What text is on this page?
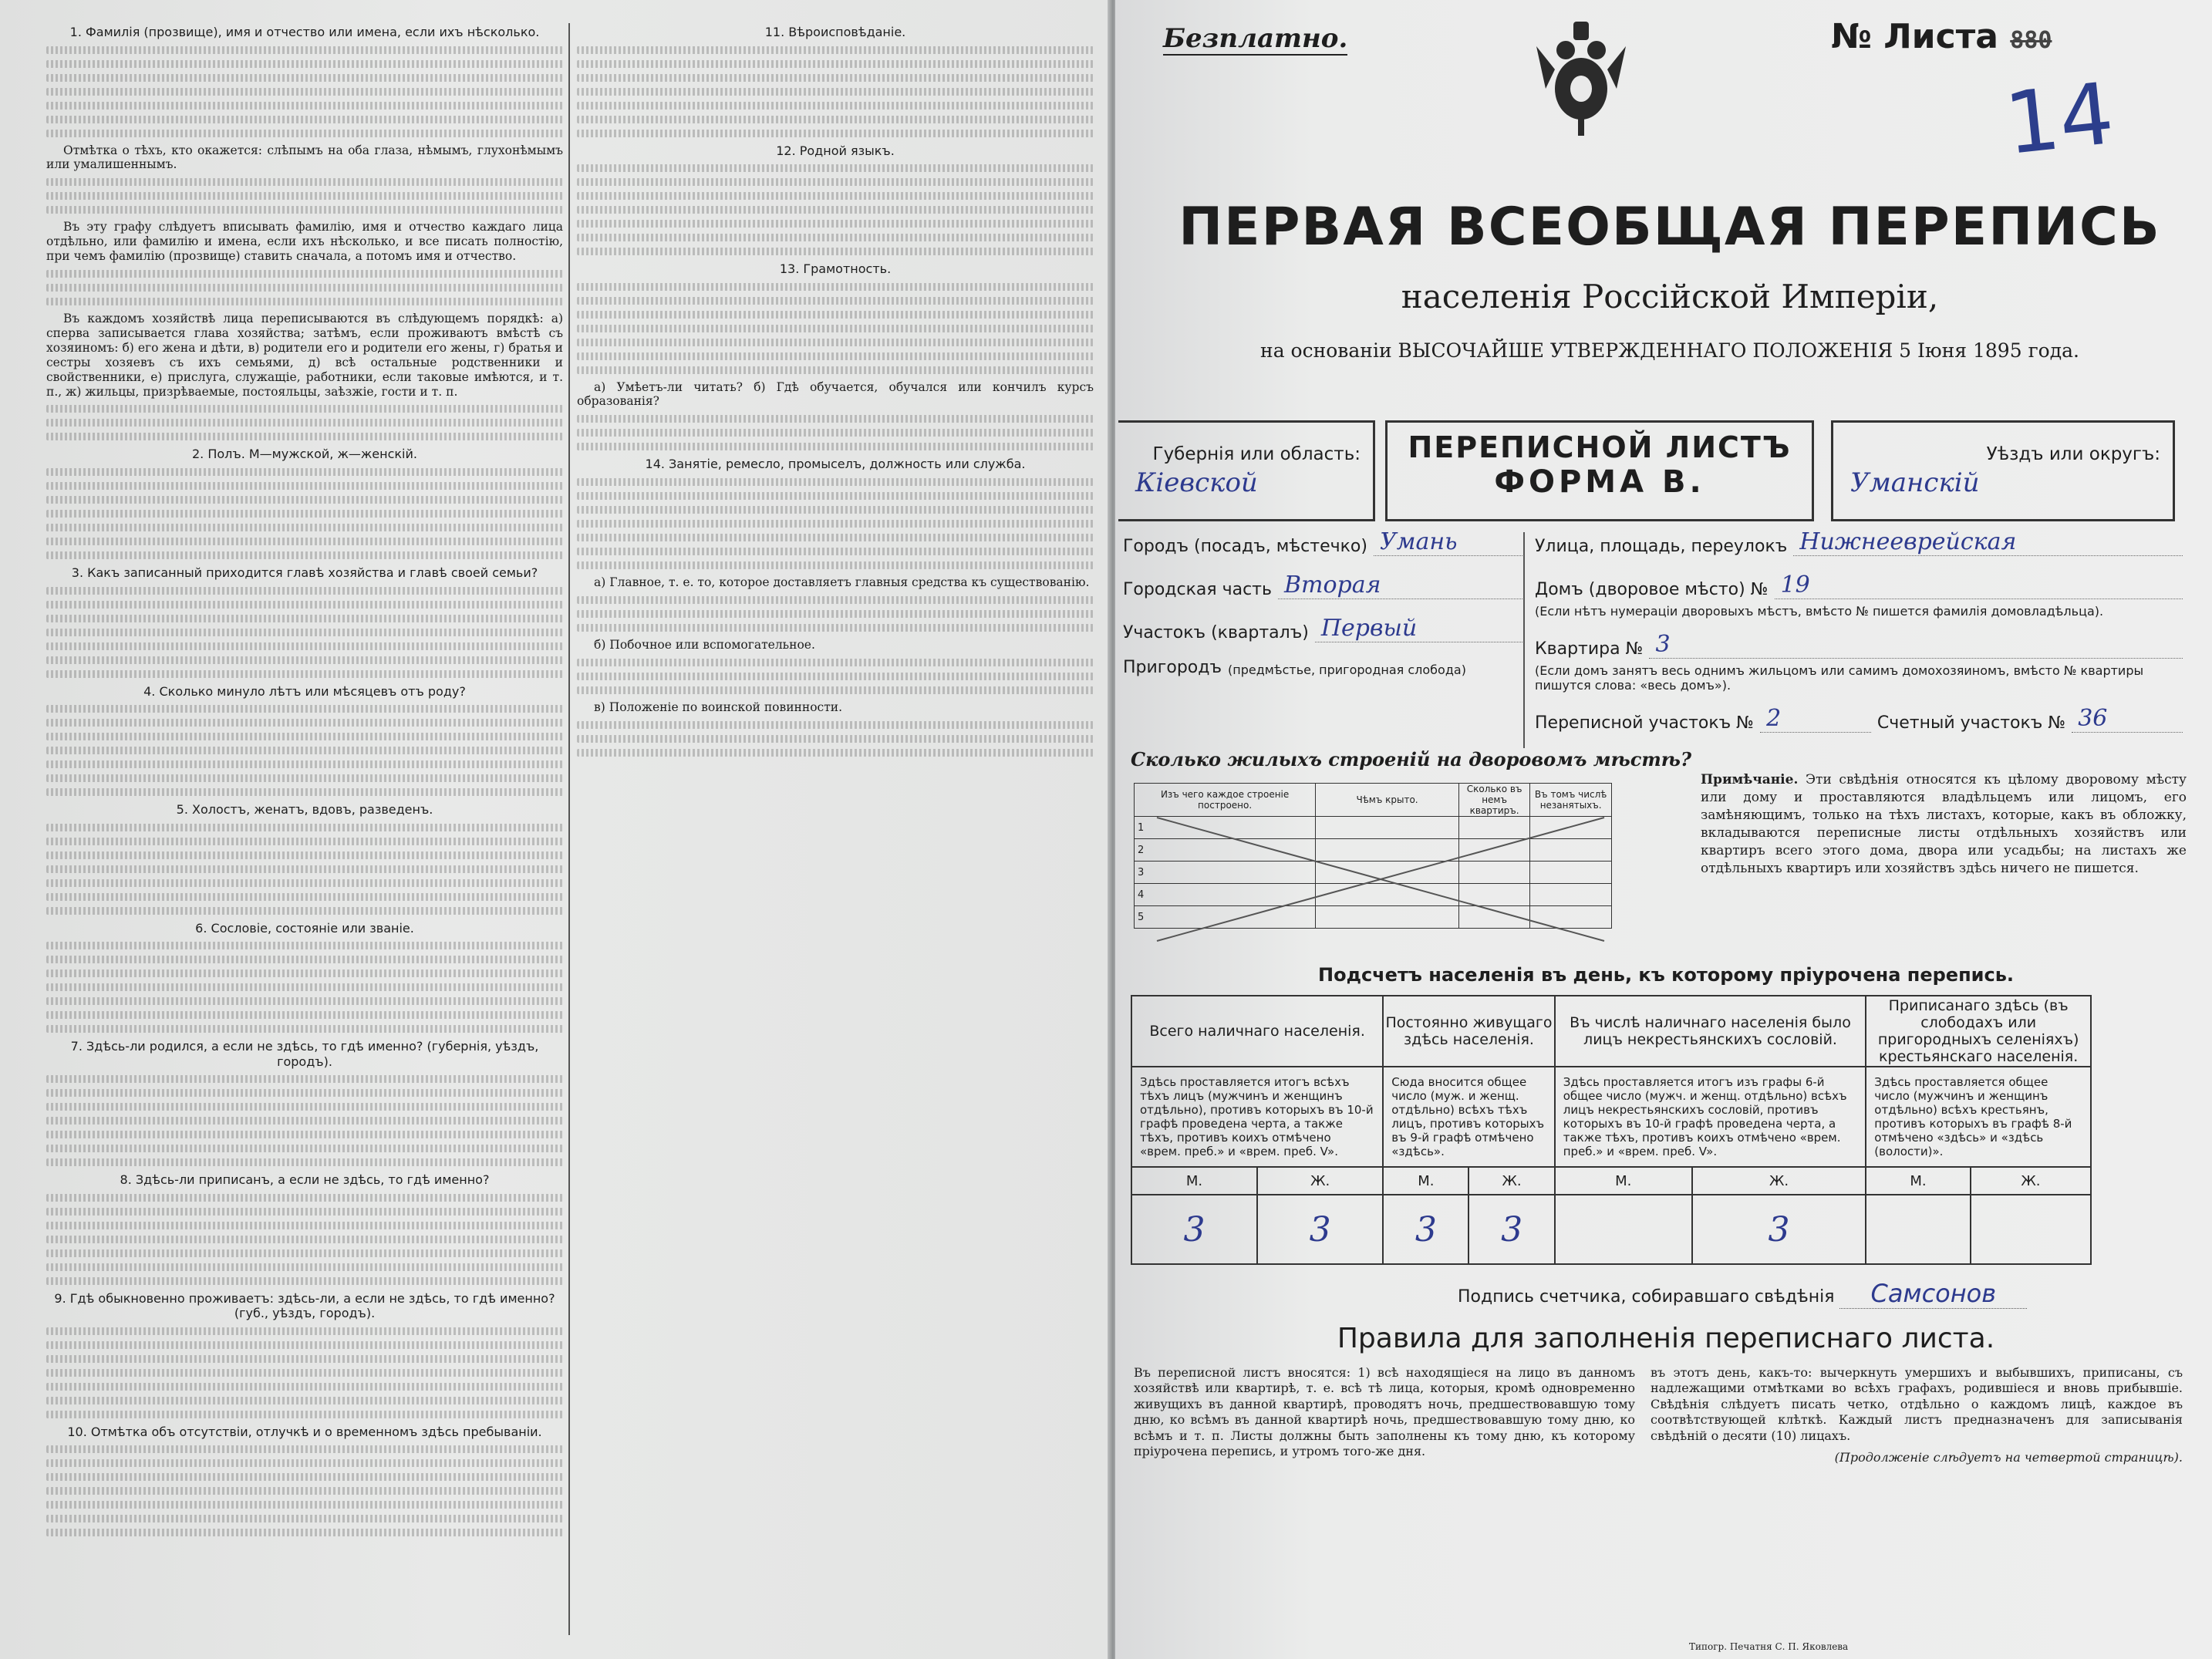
1. Фамилія (прозвище), имя и отчество или имена, если ихъ нѣсколько.
Отмѣтка о тѣхъ, кто окажется: слѣпымъ на оба глаза, нѣмымъ, глухонѣмымъ или умалишеннымъ.
Въ эту графу слѣдуетъ вписывать фамилію, имя и отчество каждаго лица отдѣльно, или фамилію и имена, если ихъ нѣсколько, и все писать полностію, при чемъ фамилію (прозвище) ставить сначала, а потомъ имя и отчество.
Въ каждомъ хозяйствѣ лица переписываются въ слѣдующемъ порядкѣ: а) сперва записывается глава хозяйства; затѣмъ, если проживаютъ вмѣстѣ съ хозяиномъ: б) его жена и дѣти, в) родители его и родители его жены, г) братья и сестры хозяевъ съ ихъ семьями, д) всѣ остальные родственники и свойственники, е) прислуга, служащіе, работники, если таковые имѣются, и т. п., ж) жильцы, призрѣваемые, постояльцы, заѣзжіе, гости и т. п.
2. Полъ. М—мужской, ж—женскій.
3. Какъ записанный приходится главѣ хозяйства и главѣ своей семьи?
4. Сколько минуло лѣтъ или мѣсяцевъ отъ роду?
5. Холостъ, женатъ, вдовъ, разведенъ.
6. Сословіе, состояніе или званіе.
7. Здѣсь-ли родился, а если не здѣсь, то гдѣ именно? (губернія, уѣздъ, городъ).
8. Здѣсь-ли приписанъ, а если не здѣсь, то гдѣ именно?
9. Гдѣ обыкновенно проживаетъ: здѣсь-ли, а если не здѣсь, то гдѣ именно? (губ., уѣздъ, городъ).
10. Отмѣтка объ отсутствіи, отлучкѣ и о временномъ здѣсь пребываніи.
11. Вѣроисповѣданіе.
12. Родной языкъ.
13. Грамотность.
а) Умѣетъ-ли читать? б) Гдѣ обучается, обучался или кончилъ курсъ образованія?
14. Занятіе, ремесло, промыселъ, должность или служба.
а) Главное, т. е. то, которое доставляетъ главныя средства къ существованію.
б) Побочное или вспомогательное.
в) Положеніе по воинской повинности.
Безплатно.	№ Листа 880
14
ПЕРВАЯ ВСЕОБЩАЯ ПЕРЕПИСЬ
населенія Россійской Имперіи,
на основаніи ВЫСОЧАЙШЕ УТВЕРЖДЕННАГО ПОЛОЖЕНІЯ 5 Іюня 1895 года.
Губернія или область:
Кіевской
ПЕРЕПИСНОЙ ЛИСТЪ
ФОРМА В.
Уѣздъ или округъ:
Уманскій
Городъ (посадъ, мѣстечко) Умань
Городская часть Вторая
Участокъ (кварталъ) Первый
Пригородъ (предмѣстье, пригородная слобода)
Улица, площадь, переулокъ Нижнееврейская
Домъ (дворовое мѣсто) № 19
(Если нѣтъ нумераціи дворовыхъ мѣстъ, вмѣсто № пишется фамилія домовладѣльца).
Квартира № 3
(Если домъ занятъ весь однимъ жильцомъ или самимъ домохозяиномъ, вмѣсто № квартиры пишутся слова: «весь домъ»).
Переписной участокъ № 2	Счетный участокъ № 36
Сколько жилыхъ строеній на дворовомъ мѣстѣ?
Изъ чего каждое строеніе построено.	Чѣмъ крыто.	Сколько въ немъ квартиръ.	Въ томъ числѣ незанятыхъ.
1			
2			
3			
4			
5			
Примѣчаніе. Эти свѣдѣнія относятся къ цѣлому дворовому мѣсту или дому и проставляются владѣльцемъ или лицомъ, его замѣняющимъ, только на тѣхъ листахъ, которые, какъ въ обложку, вкладываются переписные листы отдѣльныхъ хозяйствъ или квартиръ всего этого дома, двора или усадьбы; на листахъ же отдѣльныхъ квартиръ или хозяйствъ здѣсь ничего не пишется.
Подсчетъ населенія въ день, къ которому пріурочена перепись.
Всего наличнаго населенія.		Постоянно живущаго здѣсь населенія.		Въ числѣ наличнаго населенія было лицъ некрестьянскихъ сословій.		Приписанаго здѣсь (въ слободахъ или пригородныхъ селеніяхъ) крестьянскаго населенія.	
Здѣсь проставляется итогъ всѣхъ тѣхъ лицъ (мужчинъ и женщинъ отдѣльно), противъ которыхъ въ 10-й графѣ проведена черта, а также тѣхъ, противъ коихъ отмѣчено «врем. преб.» и «врем. преб. V».		Сюда вносится общее число (муж. и женщ. отдѣльно) всѣхъ тѣхъ лицъ, противъ которыхъ въ 9-й графѣ отмѣчено «здѣсь».		Здѣсь проставляется итогъ изъ графы 6-й общее число (мужч. и женщ. отдѣльно) всѣхъ лицъ некрестьянскихъ сословій, противъ которыхъ въ 10-й графѣ проведена черта, а также тѣхъ, противъ коихъ отмѣчено «врем. преб.» и «врем. преб. V».		Здѣсь проставляется общее число (мужчинъ и женщинъ отдѣльно) всѣхъ крестьянъ, противъ которыхъ въ графѣ 8-й отмѣчено «здѣсь» и «здѣсь (волости)».	
М.	Ж.	М.	Ж.	М.	Ж.	М.	Ж.
3	3	3	3		3		
Подпись счетчика, собиравшаго свѣдѣнія Самсонов
Правила для заполненія переписнаго листа.
Въ переписной листъ вносятся: 1) всѣ находящіеся на лицо въ данномъ хозяйствѣ или квартирѣ, т. е. всѣ тѣ лица, которыя, кромѣ одновременно живущихъ въ данной квартирѣ, проводятъ ночь, предшествовавшую тому дню, ко всѣмъ въ данной квартирѣ ночь, предшествовавшую тому дню, ко всѣмъ и т. п. Листы должны быть заполнены къ тому дню, къ которому пріурочена перепись, и утромъ того-же дня.
въ этотъ день, какъ-то: вычеркнуть умершихъ и выбывшихъ, приписаны, съ надлежащими отмѣтками во всѣхъ графахъ, родившіеся и вновь прибывшіе. Свѣдѣнія слѣдуетъ писать четко, отдѣльно о каждомъ лицѣ, каждое въ соотвѣтствующей клѣткѣ. Каждый листъ предназначенъ для записыванія свѣдѣній о десяти (10) лицахъ.
(Продолженіе слѣдуетъ на четвертой страницѣ).
Типогр. Печатня С. П. Яковлева
